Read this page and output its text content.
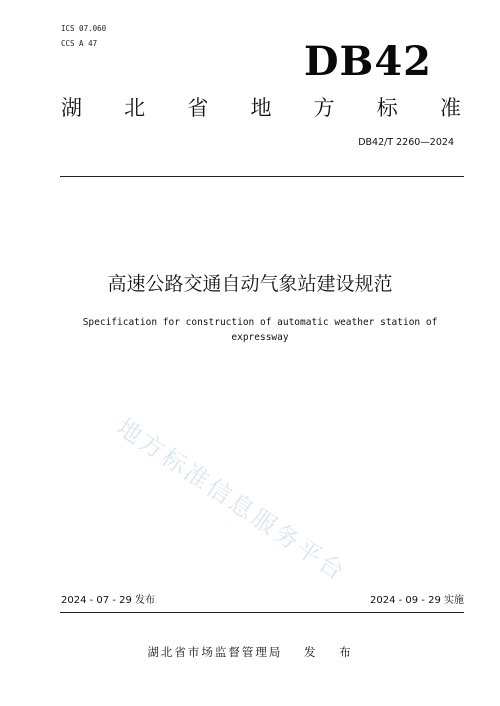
ICS 07.060
CCS A 47	DB42
湖 北 省 地 方 标 准
DB42/T 2260—2024
高速公路交通自动气象站建设规范
Specification for construction of automatic weather station of
expressway
地方标准信息服务平台
2024 - 07 - 29 发布	2024 - 09 - 29 实施
湖北省市场监督管理局 发 布
